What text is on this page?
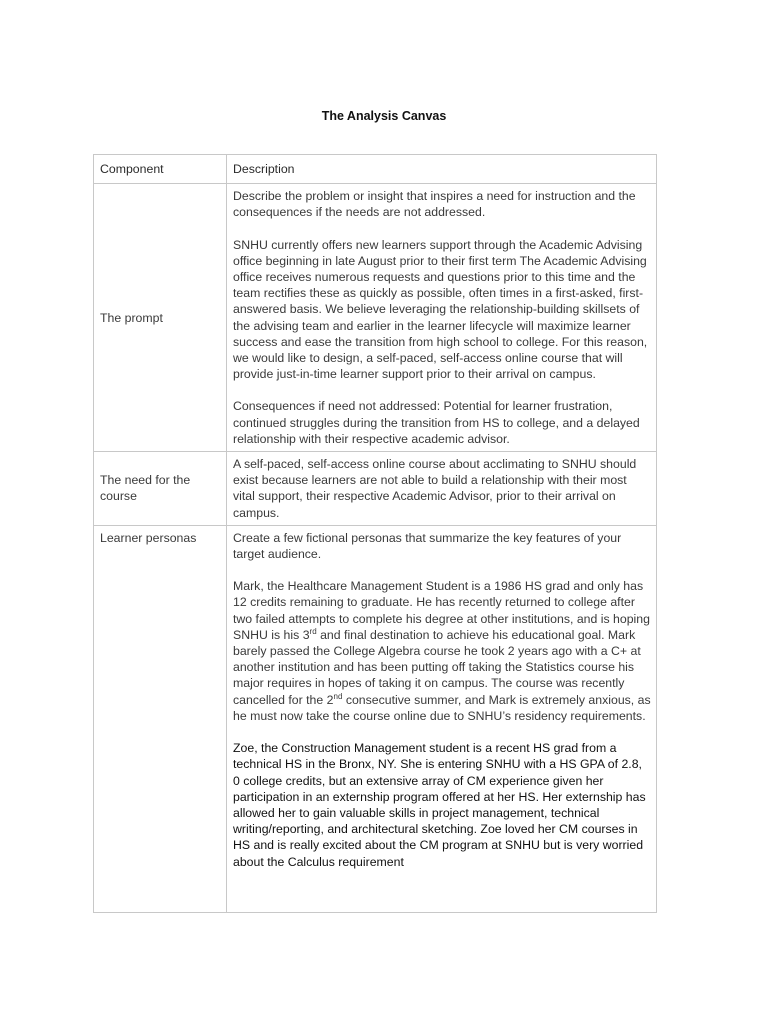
The Analysis Canvas
Component	Description
The prompt	Describe the problem or insight that inspires a need for instruction and the consequences if the needs are not addressed.

SNHU currently offers new learners support through the Academic Advising office beginning in late August prior to their first term The Academic Advising office receives numerous requests and questions prior to this time and the team rectifies these as quickly as possible, often times in a first-asked, first-answered basis. We believe leveraging the relationship-building skillsets of the advising team and earlier in the learner lifecycle will maximize learner success and ease the transition from high school to college. For this reason, we would like to design, a self-paced, self-access online course that will provide just-in-time learner support prior to their arrival on campus.

Consequences if need not addressed: Potential for learner frustration, continued struggles during the transition from HS to college, and a delayed relationship with their respective academic advisor.

The need for the course	A self-paced, self-access online course about acclimating to SNHU should exist because learners are not able to build a relationship with their most vital support, their respective Academic Advisor, prior to their arrival on campus.

Learner personas	Create a few fictional personas that summarize the key features of your target audience.

Mark, the Healthcare Management Student is a 1986 HS grad and only has 12 credits remaining to graduate. He has recently returned to college after two failed attempts to complete his degree at other institutions, and is hoping SNHU is his 3rd and final destination to achieve his educational goal. Mark barely passed the College Algebra course he took 2 years ago with a C+ at another institution and has been putting off taking the Statistics course his major requires in hopes of taking it on campus. The course was recently cancelled for the 2nd consecutive summer, and Mark is extremely anxious, as he must now take the course online due to SNHU’s residency requirements.

Zoe, the Construction Management student is a recent HS grad from a technical HS in the Bronx, NY. She is entering SNHU with a HS GPA of 2.8, 0 college credits, but an extensive array of CM experience given her participation in an externship program offered at her HS. Her externship has allowed her to gain valuable skills in project management, technical writing/reporting, and architectural sketching. Zoe loved her CM courses in HS and is really excited about the CM program at SNHU but is very worried about the Calculus requirement
